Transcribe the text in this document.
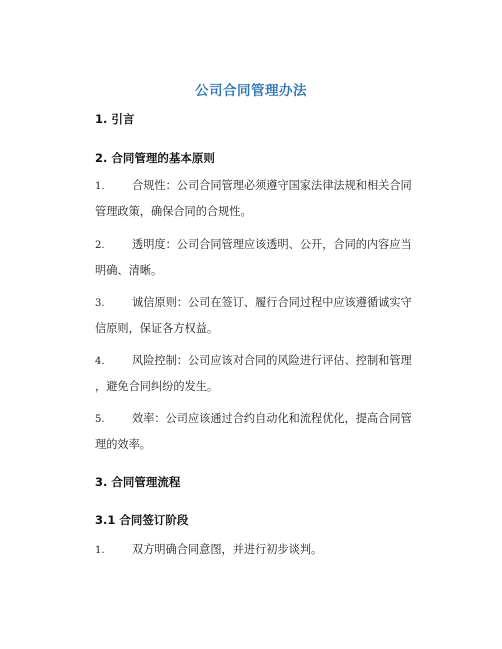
公司合同管理办法
1. 引言
2. 合同管理的基本原则
1. 合规性：公司合同管理必须遵守国家法律法规和相关合同
管理政策，确保合同的合规性。
2. 透明度：公司合同管理应该透明、公开，合同的内容应当
明确、清晰。
3. 诚信原则：公司在签订、履行合同过程中应该遵循诚实守
信原则，保证各方权益。
4. 风险控制：公司应该对合同的风险进行评估、控制和管理
，避免合同纠纷的发生。
5. 效率：公司应该通过合约自动化和流程优化，提高合同管
理的效率。
3. 合同管理流程
3.1 合同签订阶段
1. 双方明确合同意图，并进行初步谈判。
